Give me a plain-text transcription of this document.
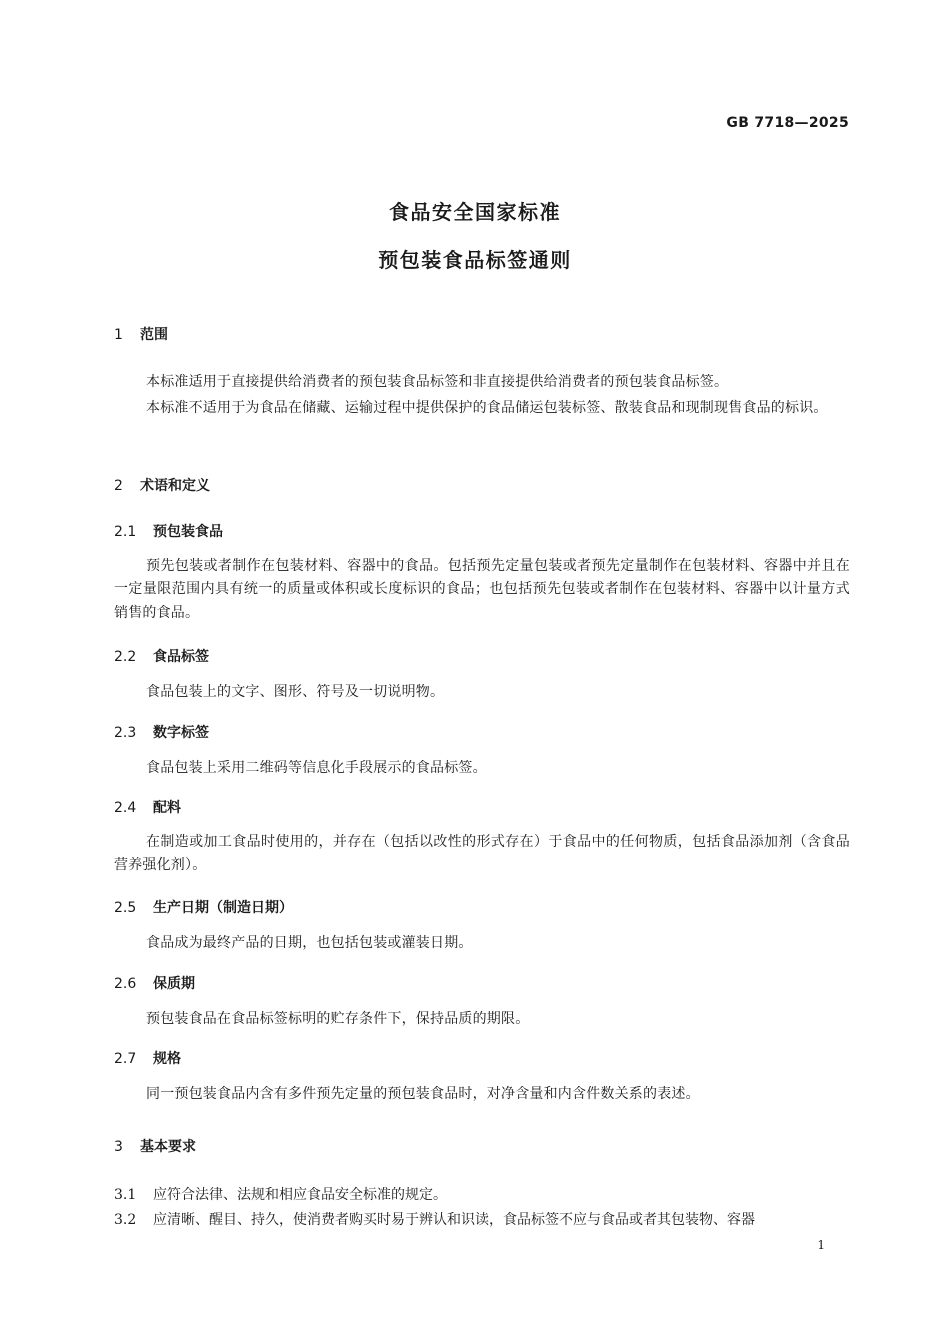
GB 7718—2025
食品安全国家标准
预包装食品标签通则
1 范围
本标准适用于直接提供给消费者的预包装食品标签和非直接提供给消费者的预包装食品标签。
本标准不适用于为食品在储藏、运输过程中提供保护的食品储运包装标签、散装食品和现制现售食品的标识。
2 术语和定义
2.1 预包装食品
预先包装或者制作在包装材料、容器中的食品。包括预先定量包装或者预先定量制作在包装材料、容器中并且在一定量限范围内具有统一的质量或体积或长度标识的食品；也包括预先包装或者制作在包装材料、容器中以计量方式销售的食品。
2.2 食品标签
食品包装上的文字、图形、符号及一切说明物。
2.3 数字标签
食品包装上采用二维码等信息化手段展示的食品标签。
2.4 配料
在制造或加工食品时使用的，并存在（包括以改性的形式存在）于食品中的任何物质，包括食品添加剂（含食品营养强化剂）。
2.5 生产日期（制造日期）
食品成为最终产品的日期，也包括包装或灌装日期。
2.6 保质期
预包装食品在食品标签标明的贮存条件下，保持品质的期限。
2.7 规格
同一预包装食品内含有多件预先定量的预包装食品时，对净含量和内含件数关系的表述。
3 基本要求
3.1 应符合法律、法规和相应食品安全标准的规定。
3.2 应清晰、醒目、持久，使消费者购买时易于辨认和识读，食品标签不应与食品或者其包装物、容器
1
